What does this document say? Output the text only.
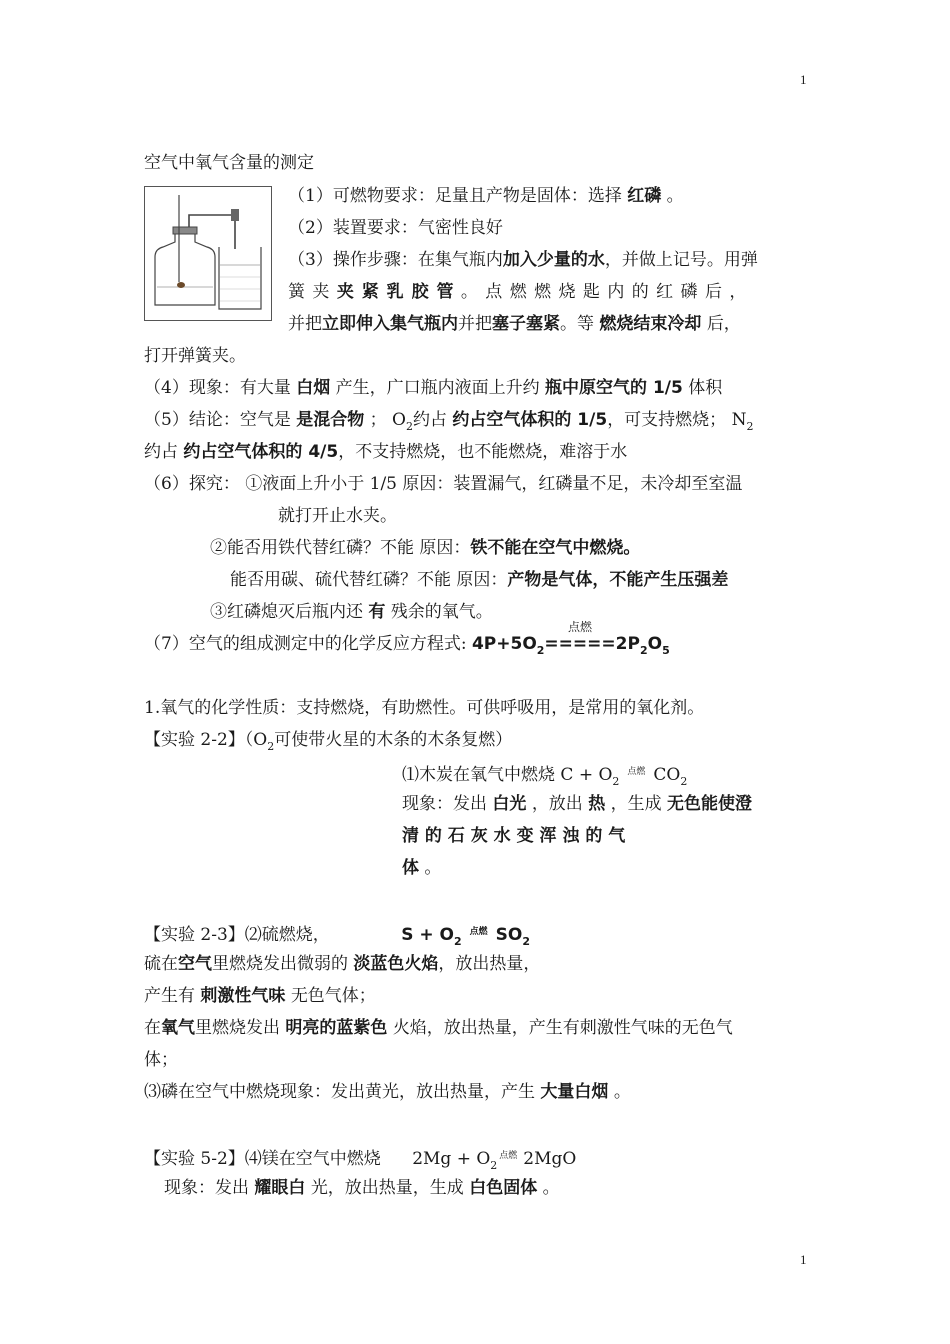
1
空气中氧气含量的测定
（1）可燃物要求：足量且产物是固体：选择 红磷 。
（2）装置要求：气密性良好
（3）操作步骤：在集气瓶内加入少量的水，并做上记号。用弹
簧 夹 夹 紧 乳 胶 管 。 点 燃 燃 烧 匙 内 的 红 磷 后 ，
并把立即伸入集气瓶内并把塞子塞紧。等 燃烧结束冷却 后，
打开弹簧夹。
（4）现象：有大量 白烟 产生，广口瓶内液面上升约 瓶中原空气的 1/5 体积
（5）结论：空气是 是混合物 ； $O_2$约占 约占空气体积的 1/5，可支持燃烧； $N_2$
约占 约占空气体积的 4/5，不支持燃烧，也不能燃烧，难溶于水
（6）探究： ①液面上升小于 1/5 原因：装置漏气，红磷量不足，未冷却至室温
就打开止水夹。
②能否用铁代替红磷？不能 原因：铁不能在空气中燃烧。
能否用碳、硫代替红磷？不能 原因：产物是气体，不能产生压强差
③红磷熄灭后瓶内还 有 残余的氧气。
（7）空气的组成测定中的化学反应方程式: $4P+5O_2$
点燃
$=====2P_2O_5$
1.氧气的化学性质：支持燃烧，有助燃性。可供呼吸用，是常用的氧化剂。
【实验 2-2】（$O_2$可使带火星的木条的木条复燃）
⑴木炭在氧气中燃烧 $C + O_2^{点燃}$ $CO_2$
现象：发出 白光 ，放出 热 ，生成 无色能使澄
清 的 石 灰 水 变 浑 浊 的 气
体 。
【实验 2-3】⑵硫燃烧，	$S + O_2^{点燃}$ $SO_2$
硫在空气里燃烧发出微弱的 淡蓝色火焰，放出热量，
产生有 刺激性气味 无色气体；
在氧气里燃烧发出 明亮的蓝紫色 火焰，放出热量，产生有刺激性气味的无色气
体；
⑶磷在空气中燃烧现象：发出黄光，放出热量，产生 大量白烟 。
【实验 5-2】⑷镁在空气中燃烧 $2Mg + O_2^{点燃}$ 2MgO
现象：发出 耀眼白 光，放出热量，生成 白色固体 。
1
